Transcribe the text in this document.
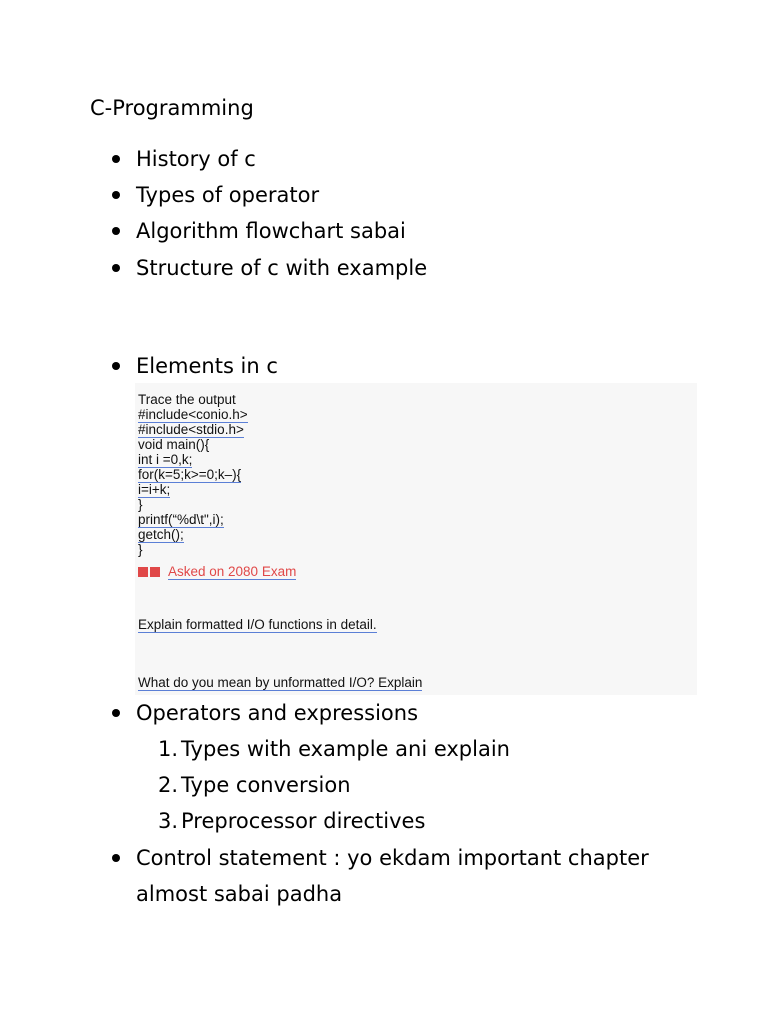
C-Programming
History of c
Types of operator
Algorithm flowchart sabai
Structure of c with example
Elements in c
Trace the output
#include<conio.h>
#include<stdio.h>
void main(){
int i =0,k;
for(k=5;k>=0;k–){
i=i+k;
}
printf(“%d\t",i);
getch();
}
Asked on 2080 Exam
Explain formatted I/O functions in detail.
What do you mean by unformatted I/O? Explain
Operators and expressions
1. Types with example ani explain
2. Type conversion
3. Preprocessor directives
Control statement : yo ekdam important chapter
almost sabai padha
